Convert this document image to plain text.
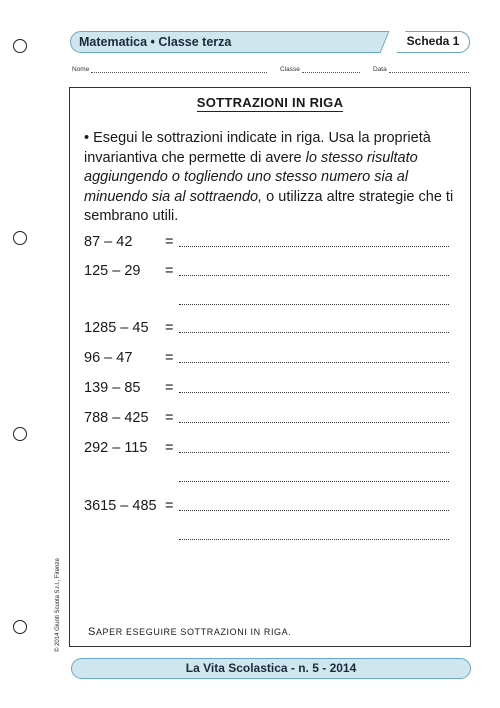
Matematica • Classe terza	Scheda 1
Nome	Classe	Data
SOTTRAZIONI IN RIGA
• Esegui le sottrazioni indicate in riga. Usa la proprietà invariantiva che permette di avere lo stesso risultato aggiungendo o togliendo uno stesso numero sia al minuendo sia al sottraendo, o utilizza altre strategie che ti sembrano utili.
87 – 42 =
125 – 29 =
1285 – 45 =
96 – 47 =
139 – 85 =
788 – 425 =
292 – 115 =
3615 – 485 =
SAPER ESEGUIRE SOTTRAZIONI IN RIGA.
© 2014 Giunti Scuola S.r.l., Firenze
La Vita Scolastica - n. 5 - 2014
